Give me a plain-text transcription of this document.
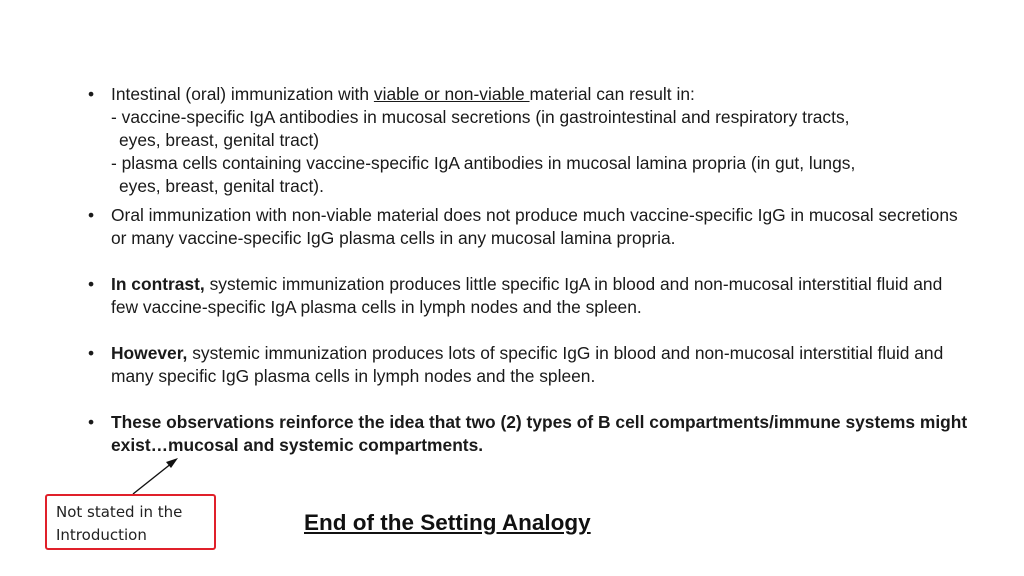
• Intestinal (oral) immunization with viable or non-viable material can result in:
- vaccine-specific IgA antibodies in mucosal secretions (in gastrointestinal and respiratory tracts,
eyes, breast, genital tract)
- plasma cells containing vaccine-specific IgA antibodies in mucosal lamina propria (in gut, lungs,
eyes, breast, genital tract).
• Oral immunization with non-viable material does not produce much vaccine-specific IgG in mucosal secretions or many vaccine-specific IgG plasma cells in any mucosal lamina propria.
• In contrast, systemic immunization produces little specific IgA in blood and non-mucosal interstitial fluid and few vaccine-specific IgA plasma cells in lymph nodes and the spleen.
• However, systemic immunization produces lots of specific IgG in blood and non-mucosal interstitial fluid and many specific IgG plasma cells in lymph nodes and the spleen.
• These observations reinforce the idea that two (2) types of B cell compartments/immune systems might exist…mucosal and systemic compartments.
Not stated in the Introduction	End of the Setting Analogy
